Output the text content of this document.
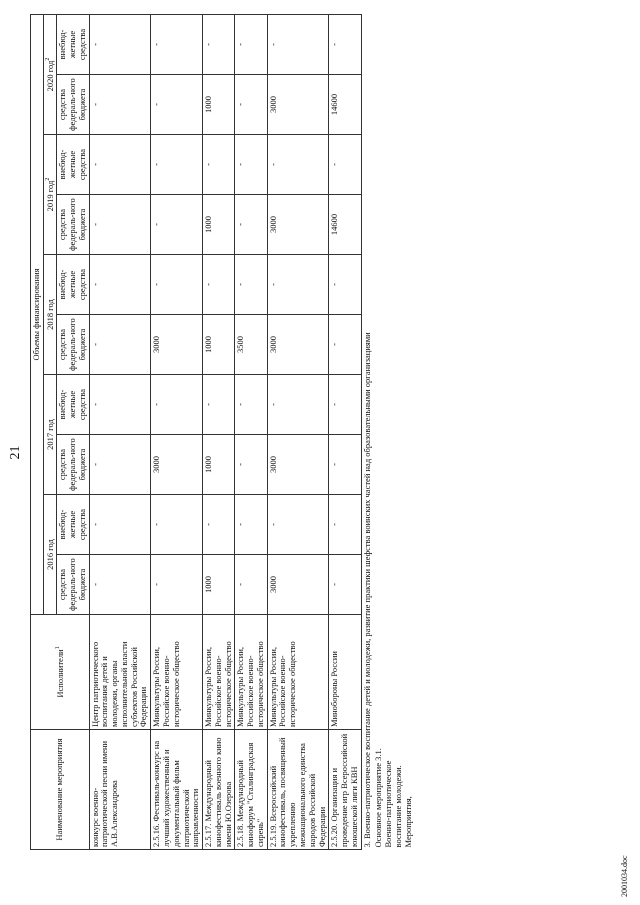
21
Наименование мероприятия	Исполнители$^1$	Объемы финансирования									
		2016 год		2017 год		2018 год		2019 год$^2$		2020 год$^2$
		средства федераль-ного бюджета	внебюд-жетные средства	средства федераль-ного бюджета	внебюд-жетные средства	средства федераль-ного бюджета	внебюд-жетные средства	средства федераль-ного бюджета	внебюд-жетные средства	средства федераль-ного бюджета	внебюд-жетные средства
конкурс военно-патриотической песни имени А.В.Александрова	Центр патриотического воспитания детей и молодежи, органы исполнительной власти субъектов Российской Федерации	-	-	-	-	-	-	-	-	-	-
2.5.16. Фестиваль-конкурс на лучший художественный и документальный фильм патриотической направленности	Минкультуры России, Российское военно-историческое общество	-	-	3000	-	3000	-	-	-	-	-
2.5.17. Международный кинофестиваль военного кино имени Ю.Озерова	Минкультуры России, Российское военно-историческое общество	1000	-	1000	-	1000	-	1000	-	1000	-
2.5.18. Международный кинофорум "Сталинградская сирень"	Минкультуры России, Российское военно-историческое общество	-	-	-	-	3500	-	-	-	-	-
2.5.19. Всероссийский кинофестиваль, посвященный укреплению межнационального единства народов Российской Федерации	Минкультуры России, Российское военно-историческое общество	3000	-	3000	-	3000	-	3000	-	3000	-
2.5.20. Организация и проведение игр Всероссийской юношеской лиги КВН	Минобороны России	-	-	-	-	-	-	14600	-	14600	-
3. Военно-патриотическое воспитание детей и молодежи, развитие практики шефства воинских частей над образовательными организациями											
Основное мероприятие 3.1. Военно-патриотическое воспитание молодежи. Мероприятия,											
2001034.doc
